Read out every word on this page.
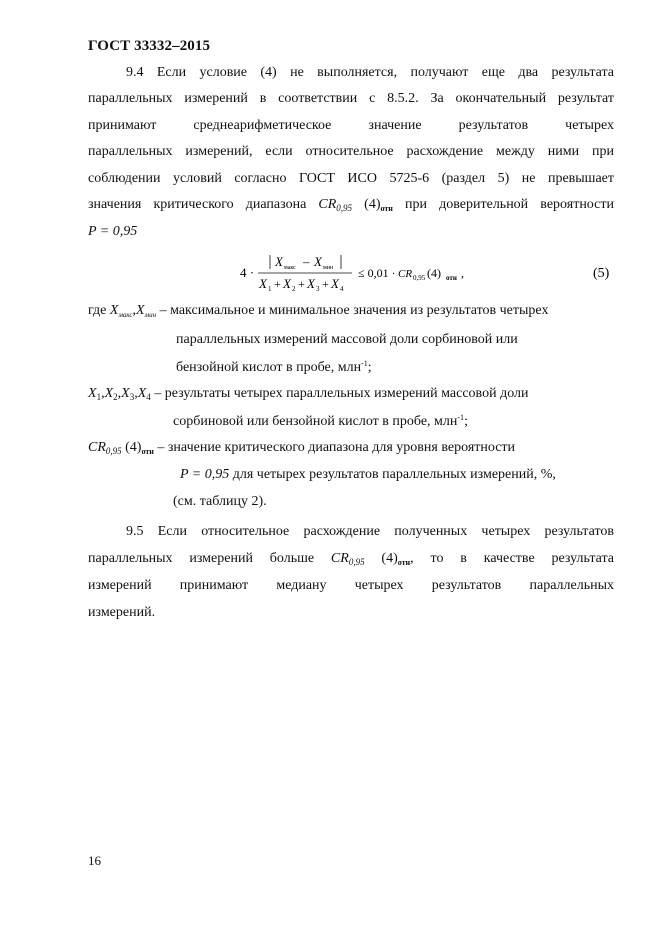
ГОСТ 33332–2015
9.4 Если условие (4) не выполняется, получают еще два результата
параллельных измерений в соответствии с 8.5.2. За окончательный результат
принимают среднеарифметическое значение результатов четырех
параллельных измерений, если относительное расхождение между ними при
соблюдении условий согласно ГОСТ ИСО 5725-6 (раздел 5) не превышает
значения критического диапазона $CR_{0,95}$ $(4)_{отн}$ при доверительной вероятности
P = 0,95
4 ·
X макс – X мин
X 1 + X 2 + X 3 + X 4
≤ 0,01 · CR 0,95 (4) отн ,	(5)
где $X_{макс},X_{мин}$ – максимальное и минимальное значения из результатов четырех
параллельных измерений массовой доли сорбиновой или
бензойной кислот в пробе, млн$^{-1}$;
$X_1,X_2,X_3,X_4$ – результаты четырех параллельных измерений массовой доли
сорбиновой или бензойной кислот в пробе, млн$^{-1}$;
$CR_{0,95}$ $(4)_{отн}$ – значение критического диапазона для уровня вероятности
P = 0,95 для четырех результатов параллельных измерений, %,
(см. таблицу 2).
9.5 Если относительное расхождение полученных четырех результатов
параллельных измерений больше $CR_{0,95}$ $(4)_{отн}$, то в качестве результата
измерений принимают медиану четырех результатов параллельных
измерений.
16
